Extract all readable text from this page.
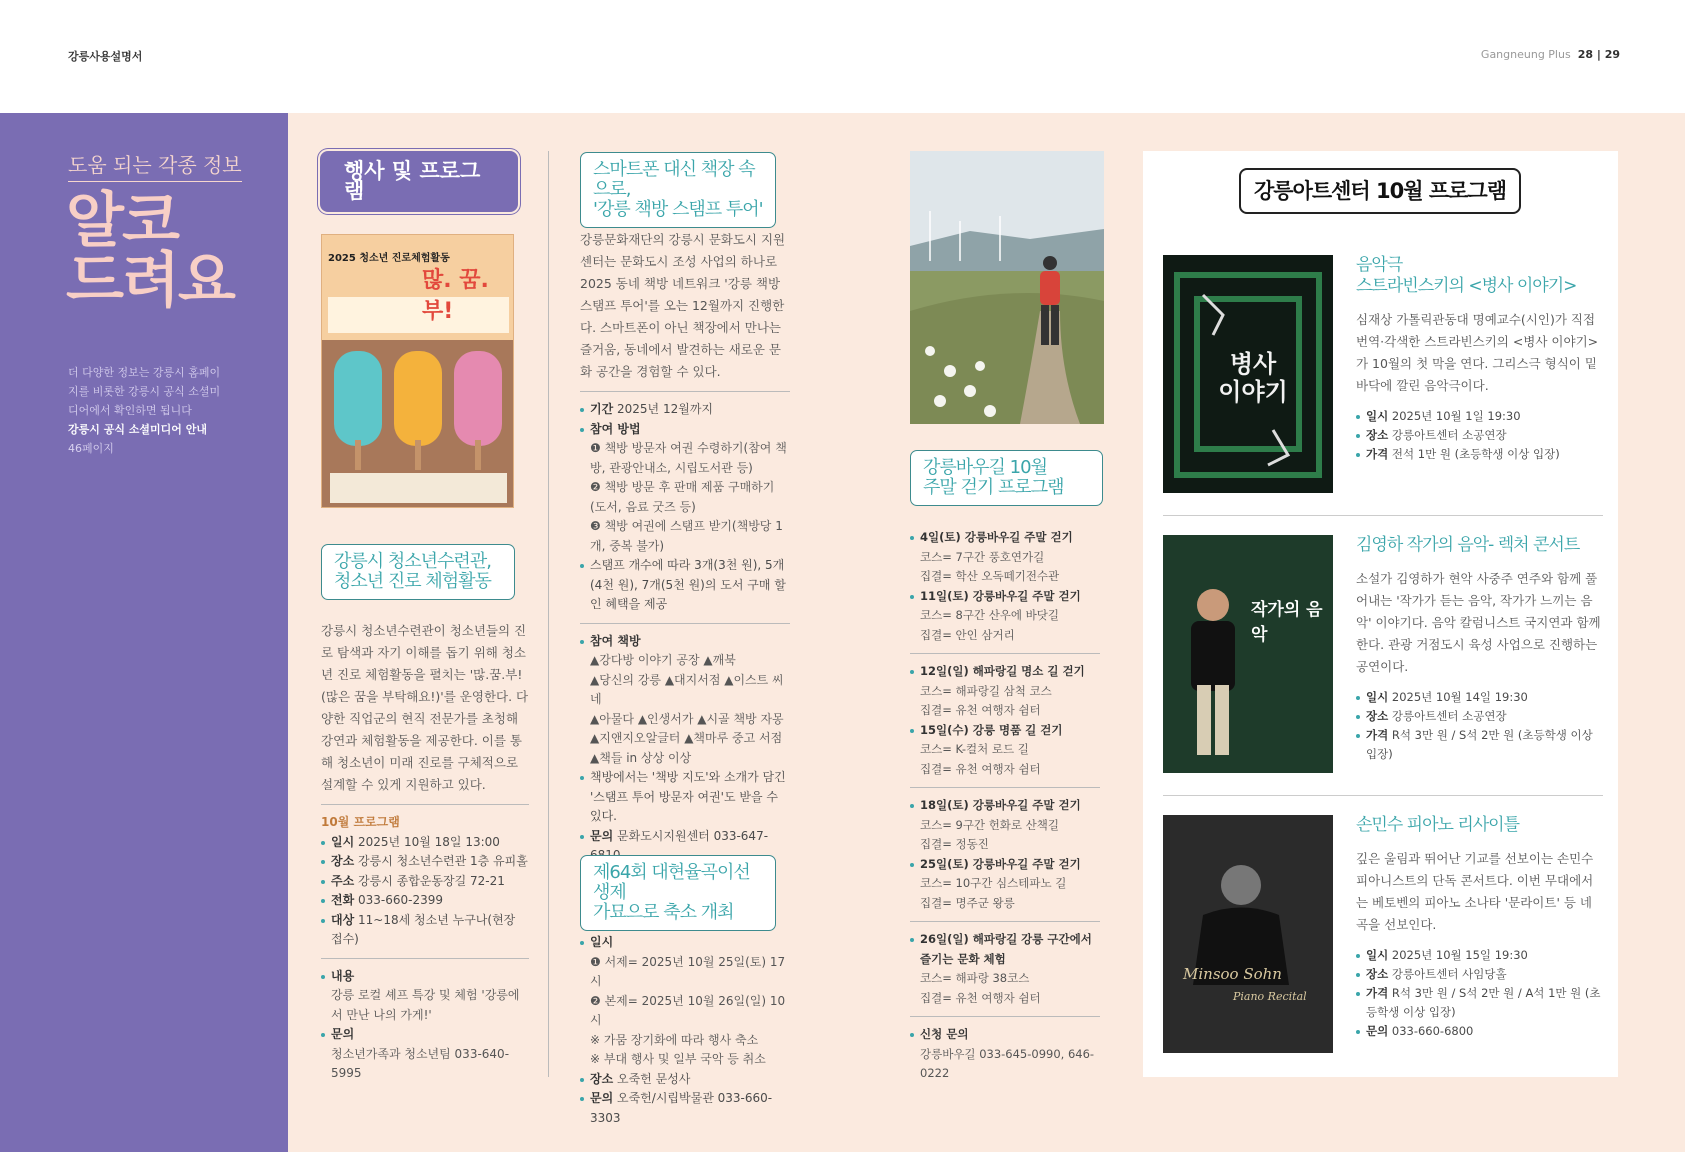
강릉사용설명서	Gangneung Plus 28 | 29
도움 되는 각종 정보
알코
드려요
더 다양한 정보는 강릉시 홈페이지를 비롯한 강릉시 공식 소셜미디어에서 확인하면 됩니다
강릉시 공식 소셜미디어 안내
46페이지
행사 및 프로그램
2025 청소년 진로체험활동
많. 꿈. 부!
강릉시 청소년수련관,
청소년 진로 체험활동
강릉시 청소년수련관이 청소년들의 진로 탐색과 자기 이해를 돕기 위해 청소년 진로 체험활동을 펼치는 '많.꿈.부!(많은 꿈을 부탁해요!)'를 운영한다. 다양한 직업군의 현직 전문가를 초청해 강연과 체험활동을 제공한다. 이를 통해 청소년이 미래 진로를 구체적으로 설계할 수 있게 지원하고 있다.
10월 프로그램
일시 2025년 10월 18일 13:00
장소 강릉시 청소년수련관 1층 유피홀
주소 강릉시 종합운동장길 72-21
전화 033-660-2399
대상 11~18세 청소년 누구나(현장 접수)
내용
강릉 로컬 셰프 특강 및 체험 '강릉에서 만난 나의 가게!'
문의
청소년가족과 청소년팀 033-640-5995
스마트폰 대신 책장 속으로,
'강릉 책방 스탬프 투어'
강릉문화재단의 강릉시 문화도시 지원센터는 문화도시 조성 사업의 하나로 2025 동네 책방 네트워크 '강릉 책방 스탬프 투어'를 오는 12월까지 진행한다. 스마트폰이 아닌 책장에서 만나는 즐거움, 동네에서 발견하는 새로운 문화 공간을 경험할 수 있다.
기간 2025년 12월까지
참여 방법
❶ 책방 방문자 여권 수령하기(참여 책방, 관광안내소, 시립도서관 등)
❷ 책방 방문 후 판매 제품 구매하기(도서, 음료 굿즈 등)
❸ 책방 여권에 스탬프 받기(책방당 1개, 중복 불가)
스탬프 개수에 따라 3개(3천 원), 5개 (4천 원), 7개(5천 원)의 도서 구매 할인 혜택을 제공
참여 책방
▲강다방 이야기 공장 ▲깨북
▲당신의 강릉 ▲대지서점 ▲이스트 씨네
▲아물다 ▲인생서가 ▲시골 책방 자몽
▲지앤지오알글터 ▲책마루 중고 서점
▲책들 in 상상 이상
책방에서는 '책방 지도'와 소개가 담긴 '스탬프 투어 방문자 여권'도 받을 수 있다.
문의 문화도시지원센터 033-647-
제64회 대현율곡이선생제
가묘으로 축소 개최
일시
❶ 서제= 2025년 10월 25일(토) 17시
❷ 본제= 2025년 10월 26일(일) 10시
※ 가뭄 장기화에 따라 행사 축소
※ 부대 행사 및 일부 국악 등 취소
장소 오죽헌 문성사
문의 오죽헌/시립박물관 033-660-3303
강릉바우길 10월
주말 걷기 프로그램
4일(토) 강릉바우길 주말 걷기
코스= 7구간 풍호연가길
집결= 학산 오독떼기전수관
11일(토) 강릉바우길 주말 걷기
코스= 8구간 산우에 바닷길
집결= 안인 삼거리
12일(일) 해파랑길 명소 길 걷기
코스= 해파랑길 삼척 코스
집결= 유천 여행자 쉼터
15일(수) 강릉 명품 길 걷기
코스= K-컬처 로드 길
집결= 유천 여행자 쉼터
18일(토) 강릉바우길 주말 걷기
코스= 9구간 헌화로 산책길
집결= 정동진
25일(토) 강릉바우길 주말 걷기
코스= 10구간 심스테파노 길
집결= 명주군 왕릉
26일(일) 해파랑길 강릉 구간에서 즐기는 문화 체험
코스= 해파랑 38코스
집결= 유천 여행자 쉼터
신청 문의
강릉바우길 033-645-0990, 646-0222
강릉아트센터 10월 프로그램
병사 이야기
음악극
스트라빈스키의 <병사 이야기>
심재상 가톨릭관동대 명예교수(시인)가 직접 번역·각색한 스트라빈스키의 <병사 이야기>가 10월의 첫 막을 연다. 그리스극 형식이 밑바닥에 깔린 음악극이다.
일시 2025년 10월 1일 19:30
장소 강릉아트센터 소공연장
가격 전석 1만 원 (초등학생 이상 입장)
작가의 음악
김영하 작가의 음악- 렉처 콘서트
소설가 김영하가 현악 사중주 연주와 함께 풀어내는 '작가가 듣는 음악, 작가가 느끼는 음악' 이야기다. 음악 칼럼니스트 국지연과 함께한다. 관광 거점도시 육성 사업으로 진행하는 공연이다.
일시 2025년 10월 14일 19:30
장소 강릉아트센터 소공연장
가격 R석 3만 원 / S석 2만 원 (초등학생 이상 입장)
Minsoo Sohn
Piano Recital
손민수 피아노 리사이틀
깊은 울림과 뛰어난 기교를 선보이는 손민수 피아니스트의 단독 콘서트다. 이번 무대에서는 베토벤의 피아노 소나타 '문라이트' 등 네 곡을 선보인다.
일시 2025년 10월 15일 19:30
장소 강릉아트센터 사임당홀
가격 R석 3만 원 / S석 2만 원 / A석 1만 원 (초등학생 이상 입장)
문의 033-660-6800
